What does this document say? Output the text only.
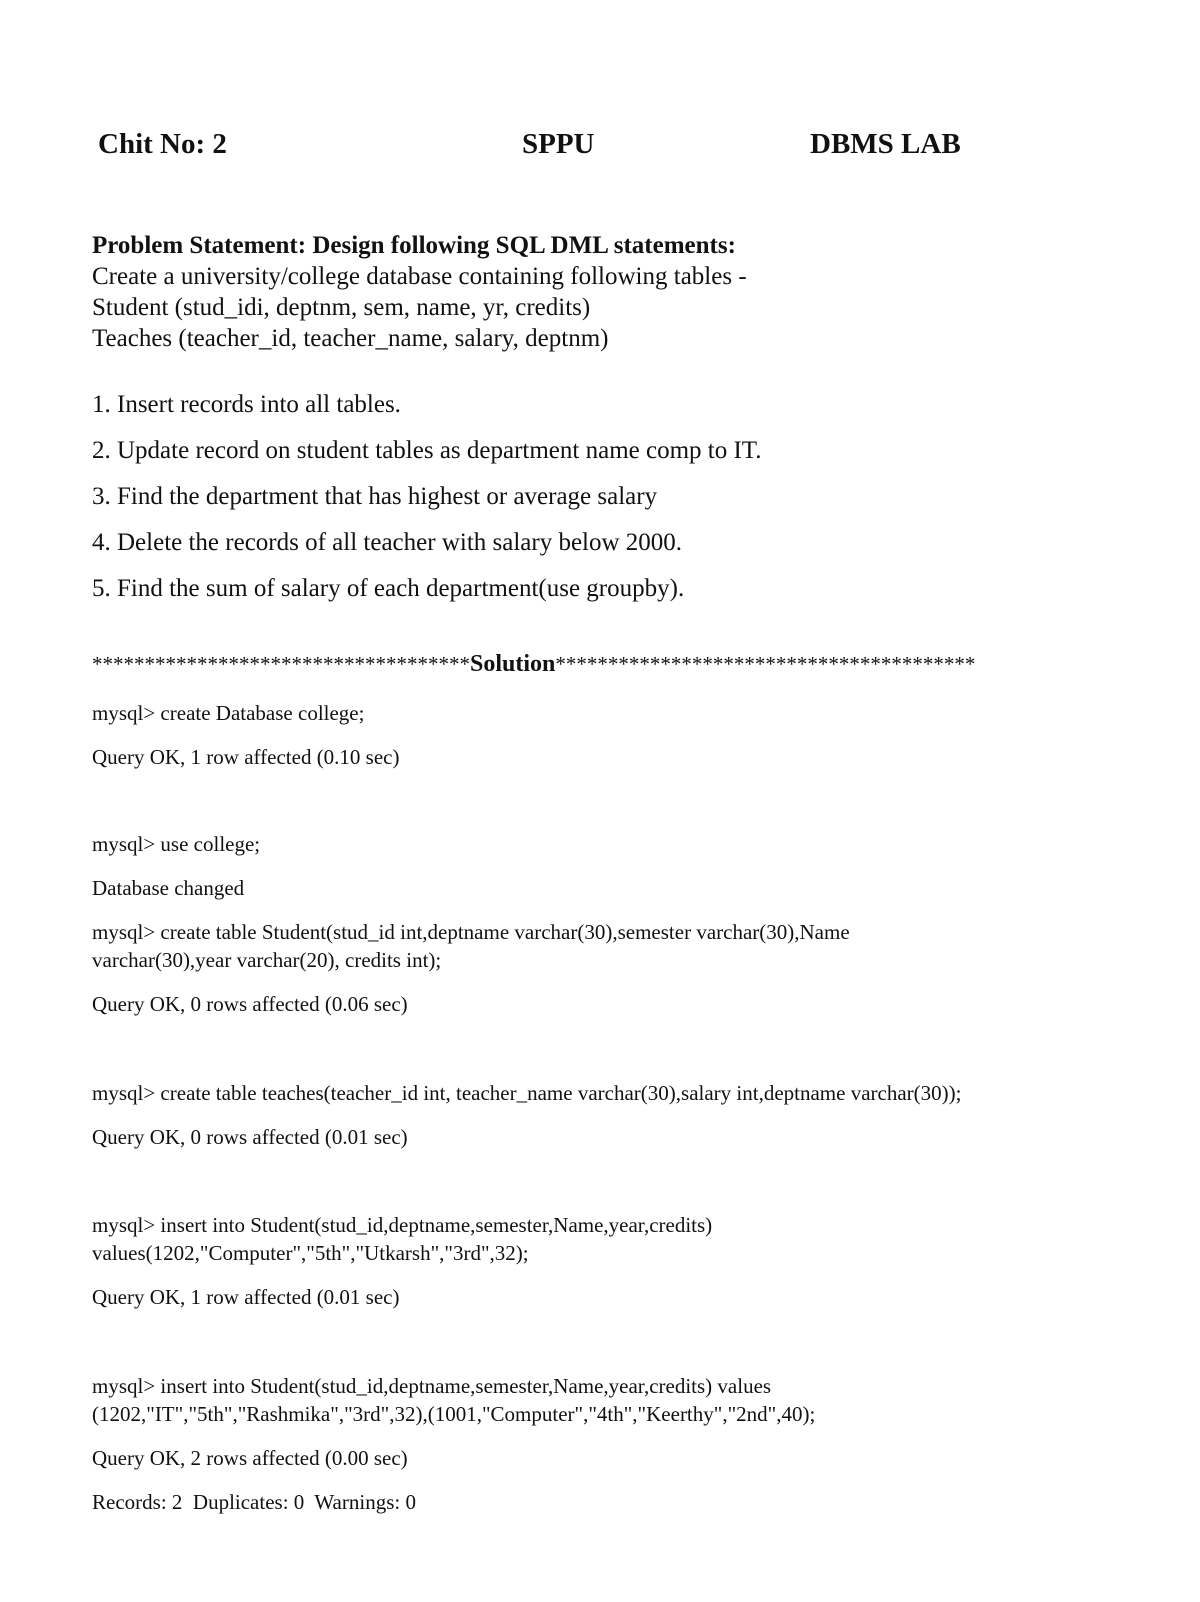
Chit No: 2	SPPU	DBMS LAB

Problem Statement: Design following SQL DML statements:

Create a university/college database containing following tables -

Student (stud_idi, deptnm, sem, name, yr, credits)

Teaches (teacher_id, teacher_name, salary, deptnm)

1. Insert records into all tables.

2. Update record on student tables as department name comp to IT.

3. Find the department that has highest or average salary

4. Delete the records of all teacher with salary below 2000.

5. Find the sum of salary of each department(use groupby).

************************************Solution****************************************

mysql> create Database college;

Query OK, 1 row affected (0.10 sec)

mysql> use college;

Database changed

mysql> create table Student(stud_id int,deptname varchar(30),semester varchar(30),Name

varchar(30),year varchar(20), credits int);

Query OK, 0 rows affected (0.06 sec)

mysql> create table teaches(teacher_id int, teacher_name varchar(30),salary int,deptname varchar(30));

Query OK, 0 rows affected (0.01 sec)

mysql> insert into Student(stud_id,deptname,semester,Name,year,credits)

values(1202,"Computer","5th","Utkarsh","3rd",32);

Query OK, 1 row affected (0.01 sec)

mysql> insert into Student(stud_id,deptname,semester,Name,year,credits) values

(1202,"IT","5th","Rashmika","3rd",32),(1001,"Computer","4th","Keerthy","2nd",40);

Query OK, 2 rows affected (0.00 sec)

Records: 2  Duplicates: 0  Warnings: 0
